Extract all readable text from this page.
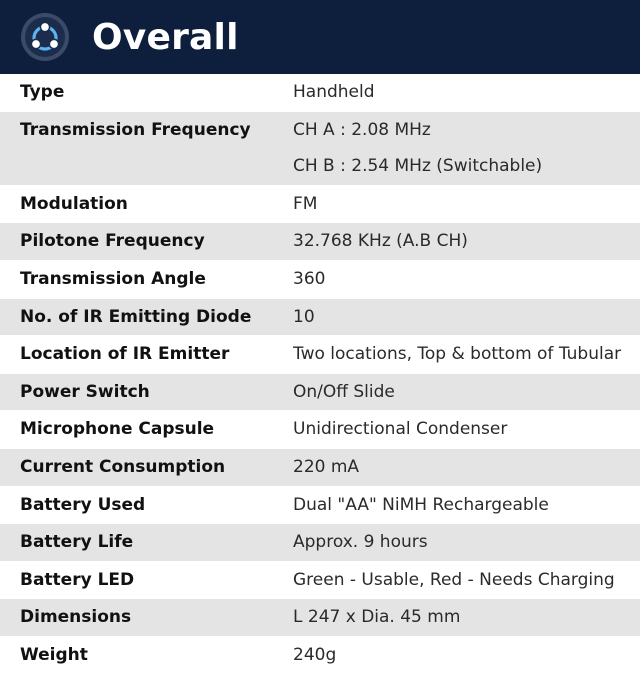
Overall
Type	Handheld

Transmission Frequency	CH A : 2.08 MHz
CH B : 2.54 MHz (Switchable)

Modulation	FM

Pilotone Frequency	32.768 KHz (A.B CH)

Transmission Angle	360

No. of IR Emitting Diode	10

Location of IR Emitter	Two locations, Top & bottom of Tubular

Power Switch	On/Off Slide

Microphone Capsule	Unidirectional Condenser

Current Consumption	220 mA

Battery Used	Dual "AA" NiMH Rechargeable

Battery Life	Approx. 9 hours

Battery LED	Green - Usable, Red - Needs Charging

Dimensions	L 247 x Dia. 45 mm

Weight	240g
